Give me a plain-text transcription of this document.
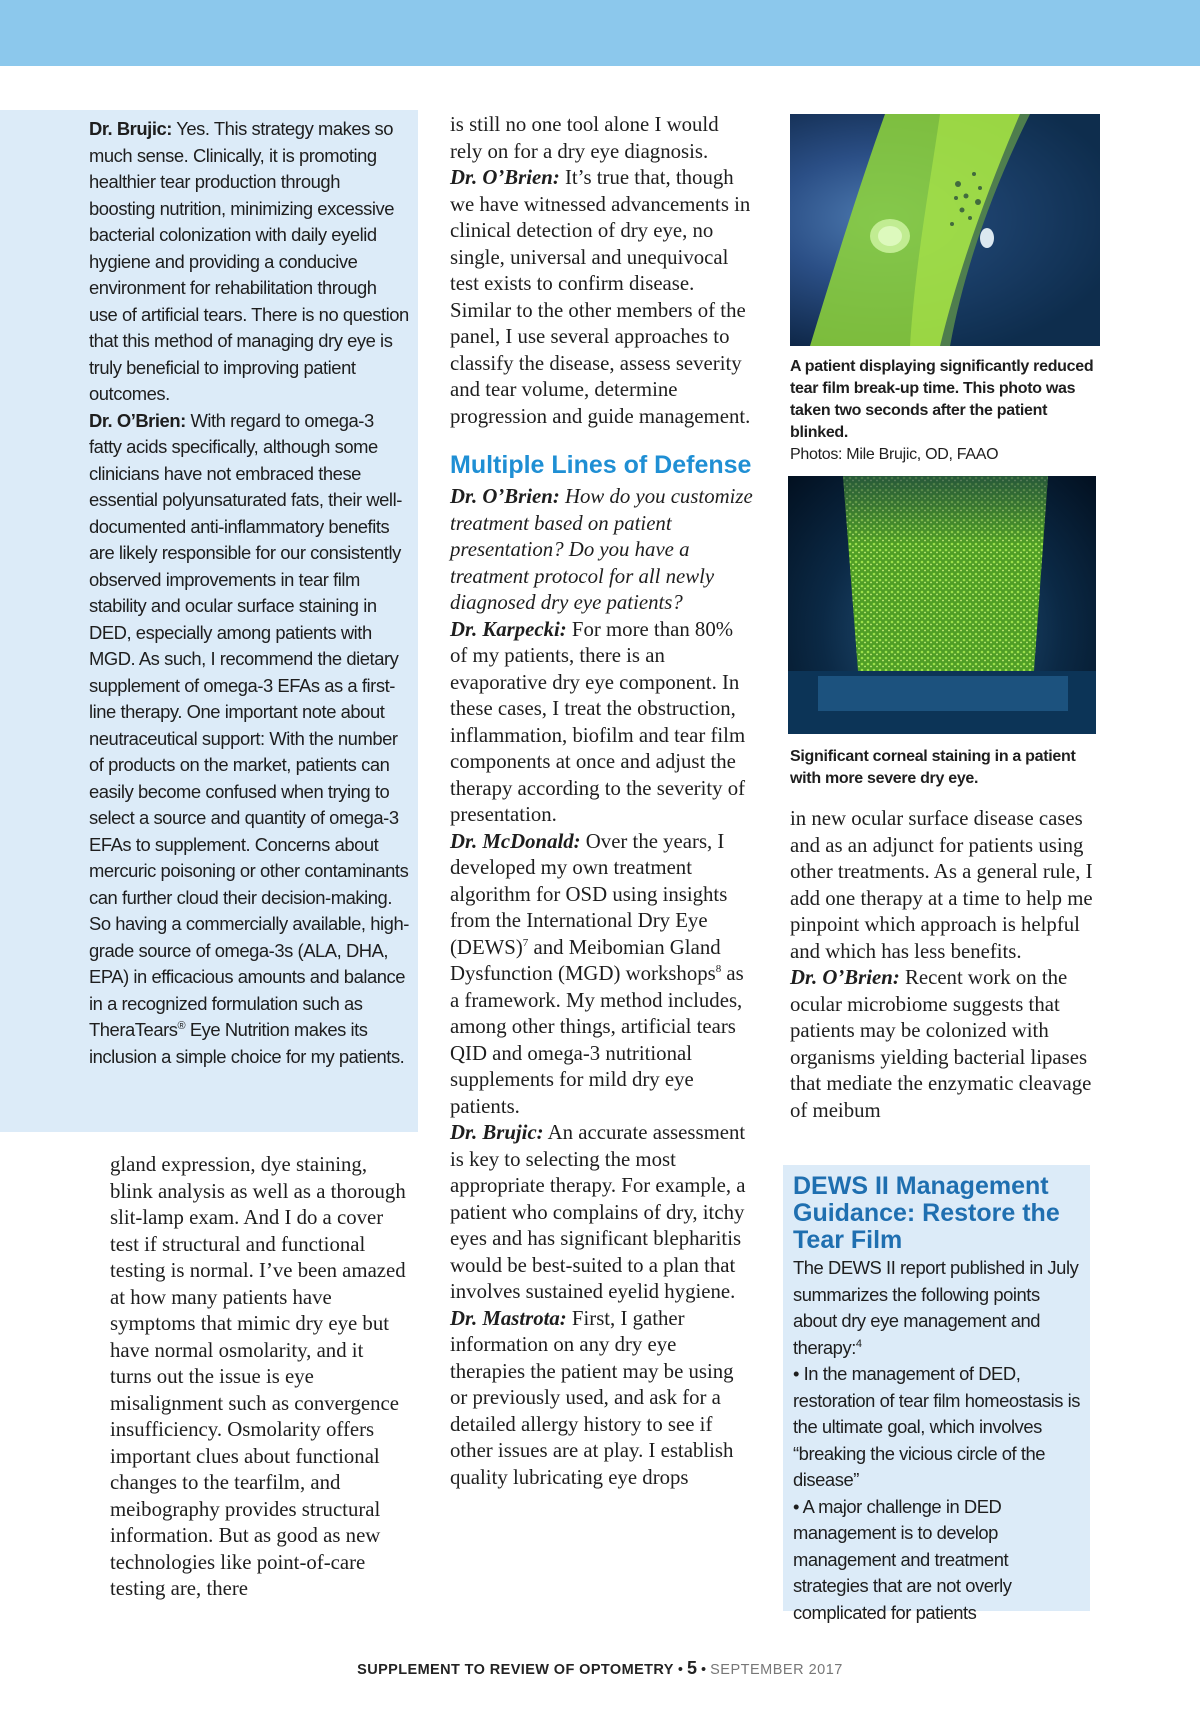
Dr. Brujic: Yes. This strategy makes so much sense. Clinically, it is promoting healthier tear production through boosting nutrition, minimizing excessive bacterial colonization with daily eyelid hygiene and providing a conducive environment for rehabilitation through use of artificial tears. There is no question that this method of managing dry eye is truly beneficial to improving patient outcomes.

Dr. O’Brien: With regard to omega-3 fatty acids specifically, although some clinicians have not embraced these essential polyunsaturated fats, their well-documented anti-inflammatory benefits are likely responsible for our consistently observed improvements in tear film stability and ocular surface staining in DED, especially among patients with MGD. As such, I recommend the dietary supplement of omega-3 EFAs as a first-line therapy. One important note about neutraceutical support: With the number of products on the market, patients can easily become confused when trying to select a source and quantity of omega-3 EFAs to supplement. Concerns about mercuric poisoning or other contaminants can further cloud their decision-making. So having a commercially available, high-grade source of omega-3s (ALA, DHA, EPA) in efficacious amounts and balance in a recognized formulation such as TheraTears® Eye Nutrition makes its inclusion a simple choice for my patients.

gland expression, dye staining, blink analysis as well as a thorough slit-lamp exam. And I do a cover test if structural and functional testing is normal. I’ve been amazed at how many patients have symptoms that mimic dry eye but have normal osmolarity, and it turns out the issue is eye misalignment such as convergence insufficiency. Osmolarity offers important clues about functional changes to the tearfilm, and meibography provides structural information. But as good as new technologies like point-of-care testing are, there

is still no one tool alone I would rely on for a dry eye diagnosis.

Dr. O’Brien: It’s true that, though we have witnessed advancements in clinical detection of dry eye, no single, universal and unequivocal test exists to confirm disease. Similar to the other members of the panel, I use several approaches to classify the disease, assess severity and tear volume, determine progression and guide management.

Multiple Lines of Defense

Dr. O’Brien: How do you customize treatment based on patient presentation? Do you have a treatment protocol for all newly diagnosed dry eye patients?

Dr. Karpecki: For more than 80% of my patients, there is an evaporative dry eye component. In these cases, I treat the obstruction, inflammation, biofilm and tear film components at once and adjust the therapy according to the severity of presentation.

Dr. McDonald: Over the years, I developed my own treatment algorithm for OSD using insights from the International Dry Eye (DEWS)$^7$ and Meibomian Gland Dysfunction (MGD) workshops$^8$ as a framework. My method includes, among other things, artificial tears QID and omega-3 nutritional supplements for mild dry eye patients.

Dr. Brujic: An accurate assessment is key to selecting the most appropriate therapy. For example, a patient who complains of dry, itchy eyes and has significant blepharitis would be best-suited to a plan that involves sustained eyelid hygiene.

Dr. Mastrota: First, I gather information on any dry eye therapies the patient may be using or previously used, and ask for a detailed allergy history to see if other issues are at play. I establish quality lubricating eye drops

A patient displaying significantly reduced tear film break-up time. This photo was taken two seconds after the patient blinked.

Photos: Mile Brujic, OD, FAAO

Significant corneal staining in a patient with more severe dry eye.

in new ocular surface disease cases and as an adjunct for patients using other treatments. As a general rule, I add one therapy at a time to help me pinpoint which approach is helpful and which has less benefits.

Dr. O’Brien: Recent work on the ocular microbiome suggests that patients may be colonized with organisms yielding bacterial lipases that mediate the enzymatic cleavage of meibum

DEWS II Management Guidance: Restore the Tear Film

The DEWS II report published in July summarizes the following points about dry eye management and therapy:$^4$

• In the management of DED, restoration of tear film homeostasis is the ultimate goal, which involves “breaking the vicious circle of the disease”

• A major challenge in DED management is to develop management and treatment strategies that are not overly complicated for patients

SUPPLEMENT TO REVIEW OF OPTOMETRY • 5 • SEPTEMBER 2017
